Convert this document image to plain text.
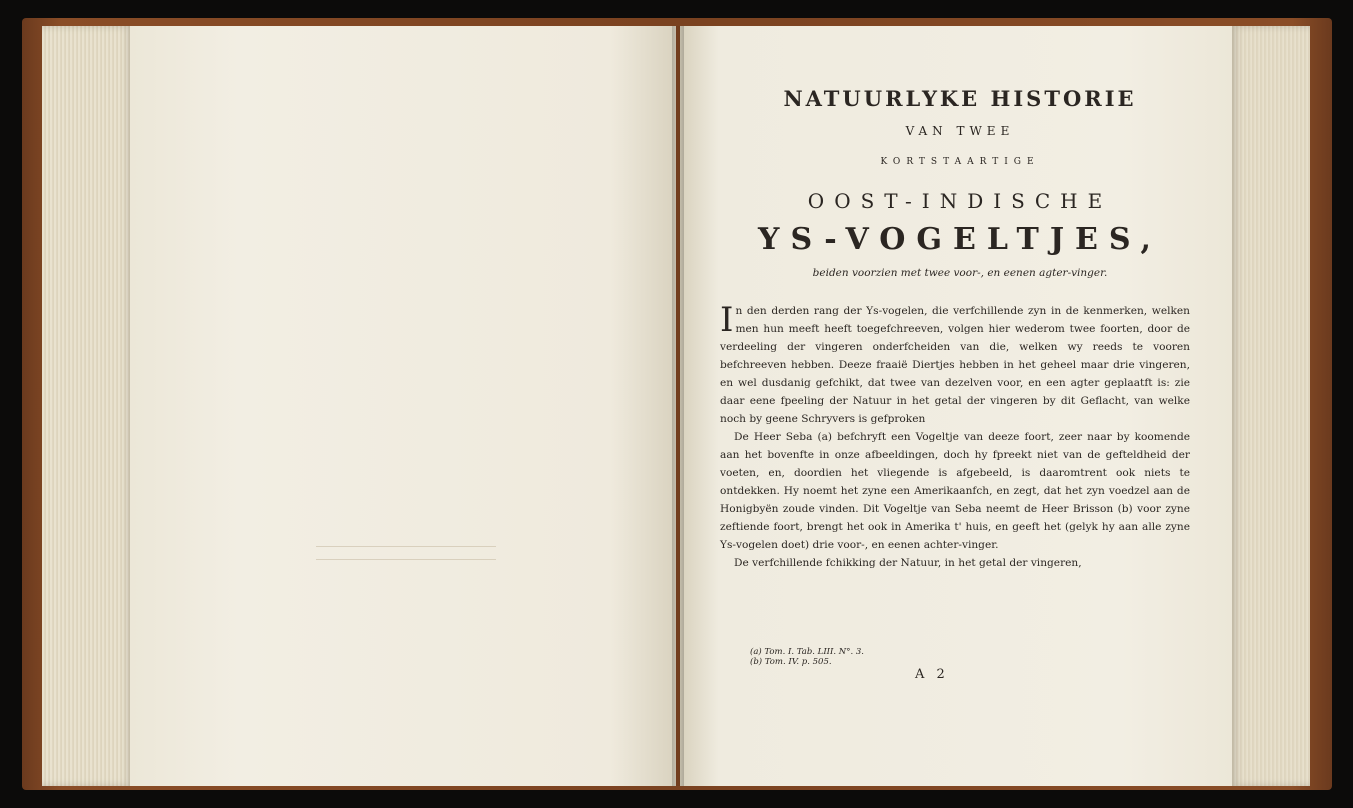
NATUURLYKE HISTORIE
VAN TWEE
KORTSTAARTIGE
OOST-INDISCHE
YS-VOGELTJES,
beiden voorzien met twee voor-, en eenen agter-vinger.

In den derden rang der Ys-vogelen, die verfchillende zyn in de kenmerken, welken men hun meeft heeft toegefchreeven, volgen hier wederom twee foorten, door de verdeeling der vingeren onderfcheiden van die, welken wy reeds te vooren befchreeven hebben. Deeze fraaië Diertjes hebben in het geheel maar drie vingeren, en wel dusdanig gefchikt, dat twee van dezelven voor, en een agter geplaatft is: zie daar eene fpeeling der Natuur in het getal der vingeren by dit Geflacht, van welke noch by geene Schryvers is gefproken

De Heer Seba (a) befchryft een Vogeltje van deeze foort, zeer naar by koomende aan het bovenfte in onze afbeeldingen, doch hy fpreekt niet van de gefteldheid der voeten, en, doordien het vliegende is afgebeeld, is daaromtrent ook niets te ontdekken. Hy noemt het zyne een Amerikaanfch, en zegt, dat het zyn voedzel aan de Honigbyën zoude vinden. Dit Vogeltje van Seba neemt de Heer Brisson (b) voor zyne zeftiende foort, brengt het ook in Amerika t' huis, en geeft het (gelyk hy aan alle zyne Ys-vogelen doet) drie voor-, en eenen achter-vinger.

De verfchillende fchikking der Natuur, in het getal der vingeren,

(a) Tom. I. Tab. LIII. N°. 3.
(b) Tom. IV. p. 505.
A 2
